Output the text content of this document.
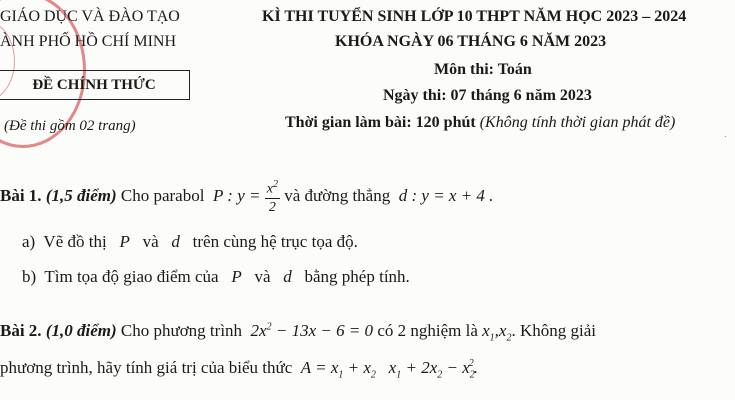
GIÁO DỤC VÀ ĐÀO TẠO
ÀNH PHỐ HỒ CHÍ MINH
ĐỀ CHÍNH THỨC
(Đề thi gồm 02 trang)
KÌ THI TUYỂN SINH LỚP 10 THPT NĂM HỌC 2023 – 2024
KHÓA NGÀY 06 THÁNG 6 NĂM 2023
Môn thi: Toán
Ngày thi: 07 tháng 6 năm 2023
Thời gian làm bài: 120 phút (Không tính thời gian phát đề)
˙
Bài 1. (1,5 điểm) Cho parabol P : $y = \frac{x^2}{2}$ và đường thẳng d : y = x + 4 .
a) Vẽ đồ thị P và d trên cùng hệ trục tọa độ.
b) Tìm tọa độ giao điểm của P và d bằng phép tính.
Bài 2. (1,0 điểm) Cho phương trình $2x^2 - 13x - 6 = 0$ có 2 nghiệm là $x_1,x_2$. Không giải
phương trình, hãy tính giá trị của biểu thức $A = x_1 + x_2$ $x_1 + 2x_2 - x_2^2$.
